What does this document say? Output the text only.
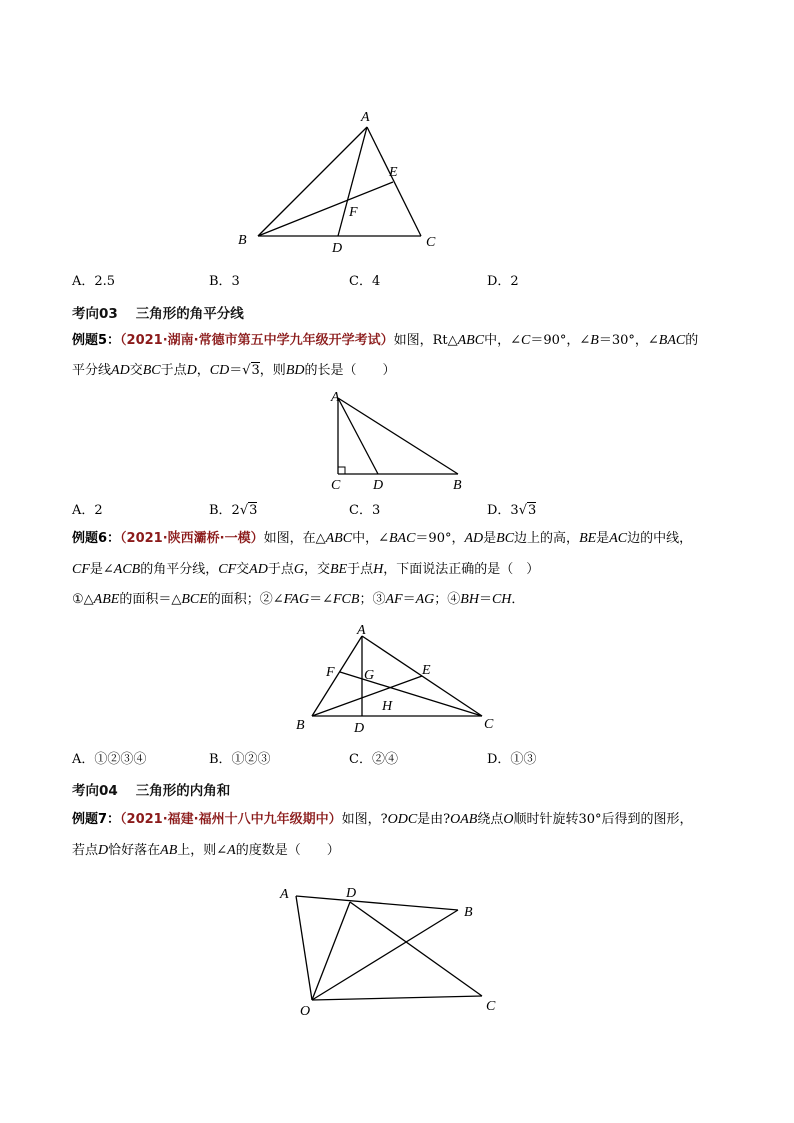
A
B	C
D
E
F
A．2.5	B．3	C．4	D．2
考向03 三角形的角平分线
例题5：（2021·湖南·常德市第五中学九年级开学考试）如图，Rt△ABC中，∠C＝90°，∠B＝30°，∠BAC的
平分线AD交BC于点D，CD＝√3，则BD的长是（　　）
A
C D	B
A．2	B．2√3	C．3	D．3√3
例题6：（2021·陕西灞桥·一模）如图，在△ABC中，∠BAC＝90°，AD是BC边上的高，BE是AC边的中线，
CF是∠ACB的角平分线，CF交AD于点G，交BE于点H，下面说法正确的是（　）
①△ABE的面积＝△BCE的面积；②∠FAG＝∠FCB；③AF＝AG；④BH＝CH．
A
F G	E
H
B	D	C
A．①②③④	B．①②③	C．②④	D．①③
考向04 三角形的内角和
例题7：（2021·福建·福州十八中九年级期中）如图，?ODC是由?OAB绕点O顺时针旋转30°后得到的图形，
若点D恰好落在AB上，则∠A的度数是（　　）
A	D
B
O	C
